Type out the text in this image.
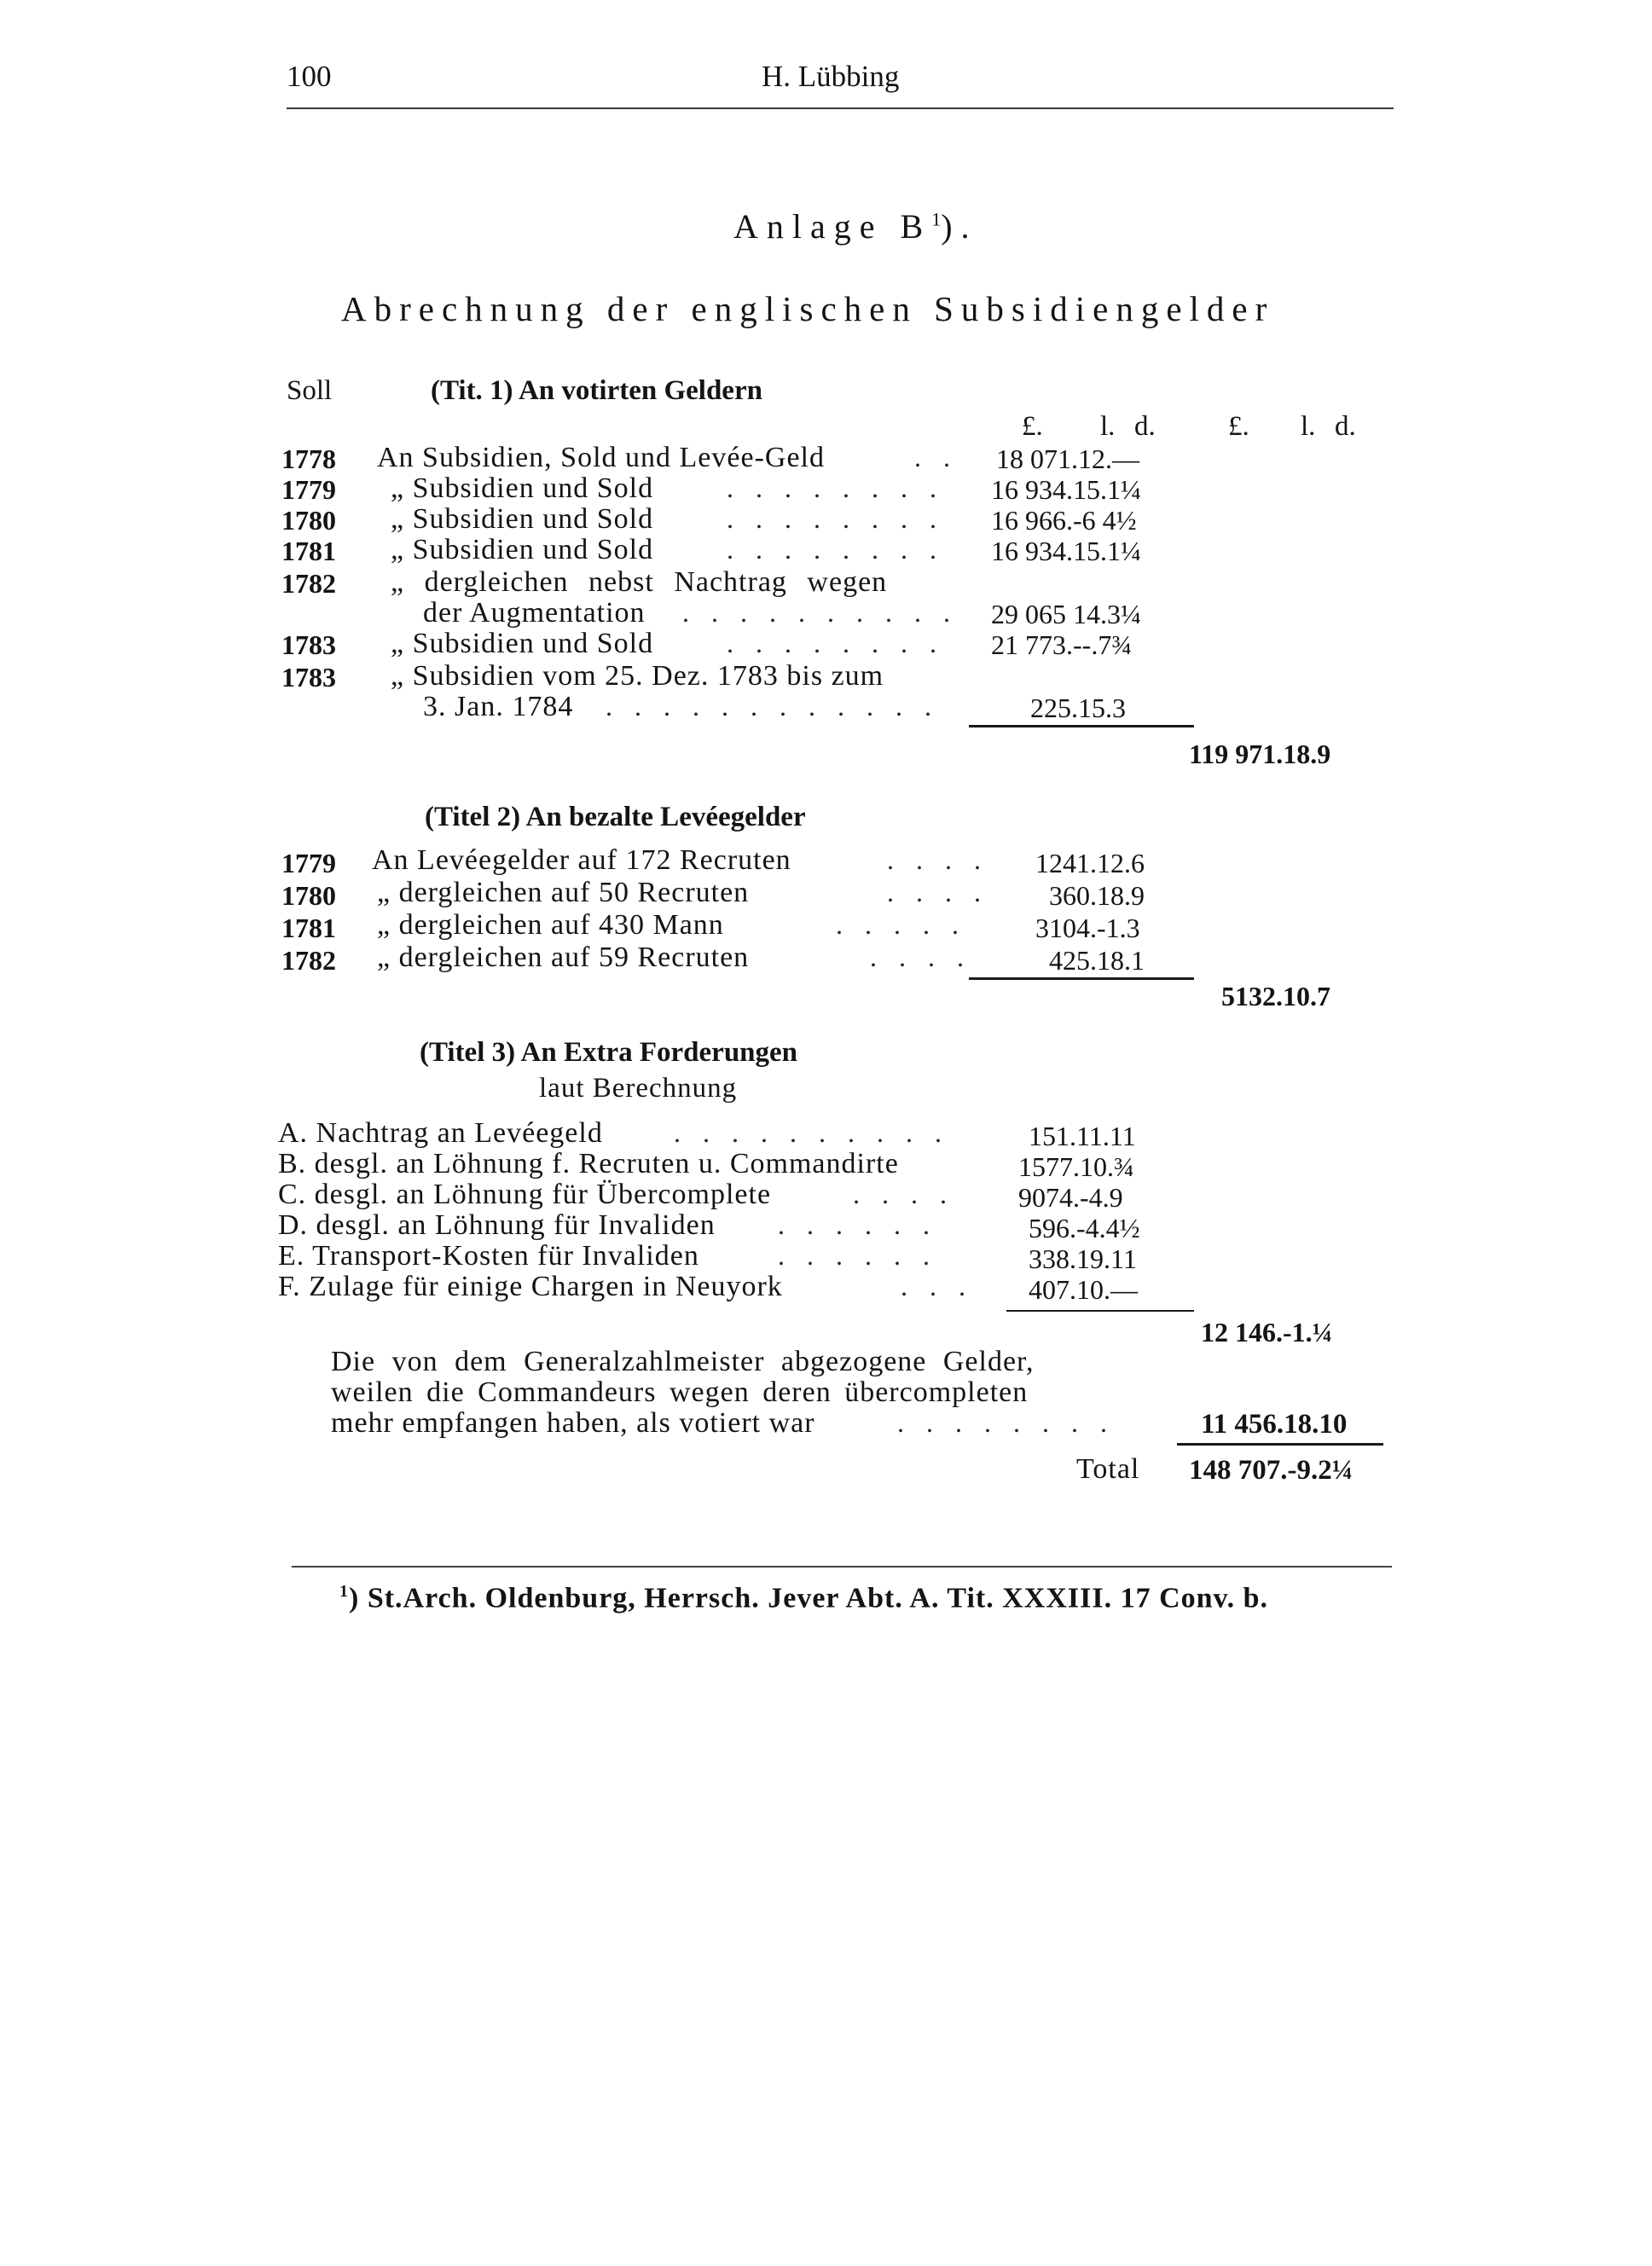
100	H. Lübbing
Anlage $B^1$).
Abrechnung der englischen Subsidiengelder
Soll	(Tit. 1) An votirten Geldern
£. l. d.	£. l. d.
1778 An Subsidien, Sold und Levée-Geld	. . 18 071.12.—
1779 „ Subsidien und Sold	. . . . . . . . 16 934.15.1¼
1780 „ Subsidien und Sold	. . . . . . . . 16 966.-6 4½
1781 „ Subsidien und Sold	. . . . . . . . 16 934.15.1¼
1782 „ dergleichen nebst Nachtrag wegen
der Augmentation . . . . . . . . . . 29 065 14.3¼
1783 „ Subsidien und Sold	. . . . . . . . 21 773.--.7¾
1783 „ Subsidien vom 25. Dez. 1783 bis zum
3. Jan. 1784 . . . . . . . . . . . .	225.15.3
119 971.18.9
(Titel 2) An bezalte Levéegelder
1779 An Levéegelder auf 172 Recruten	. . . . 1241.12.6
1780 „ dergleichen auf 50 Recruten	. . . . 360.18.9
1781 „ dergleichen auf 430 Mann	. . . . .	3104.-1.3
1782 „ dergleichen auf 59 Recruten	. . . .	425.18.1
5132.10.7
(Titel 3) An Extra Forderungen
laut Berechnung
A. Nachtrag an Levéegeld	. . . . . . . . . .	151.11.11
B. desgl. an Löhnung f. Recruten u. Commandirte	1577.10.¾
C. desgl. an Löhnung für Übercomplete	. . . . 9074.-4.9
D. desgl. an Löhnung für Invaliden . . . . . .	596.-4.4½
E. Transport-Kosten für Invaliden	. . . . . .	338.19.11
F. Zulage für einige Chargen in Neuyork	. . . 407.10.—
12 146.-1.¼
Die von dem Generalzahlmeister abgezogene Gelder,
weilen die Commandeurs wegen deren übercompleten
mehr empfangen haben, als votiert war	. . . . . . . .	11 456.18.10
Total 148 707.-9.2¼
$^1$) St.Arch. Oldenburg, Herrsch. Jever Abt. A. Tit. XXXIII. 17 Conv. b.
